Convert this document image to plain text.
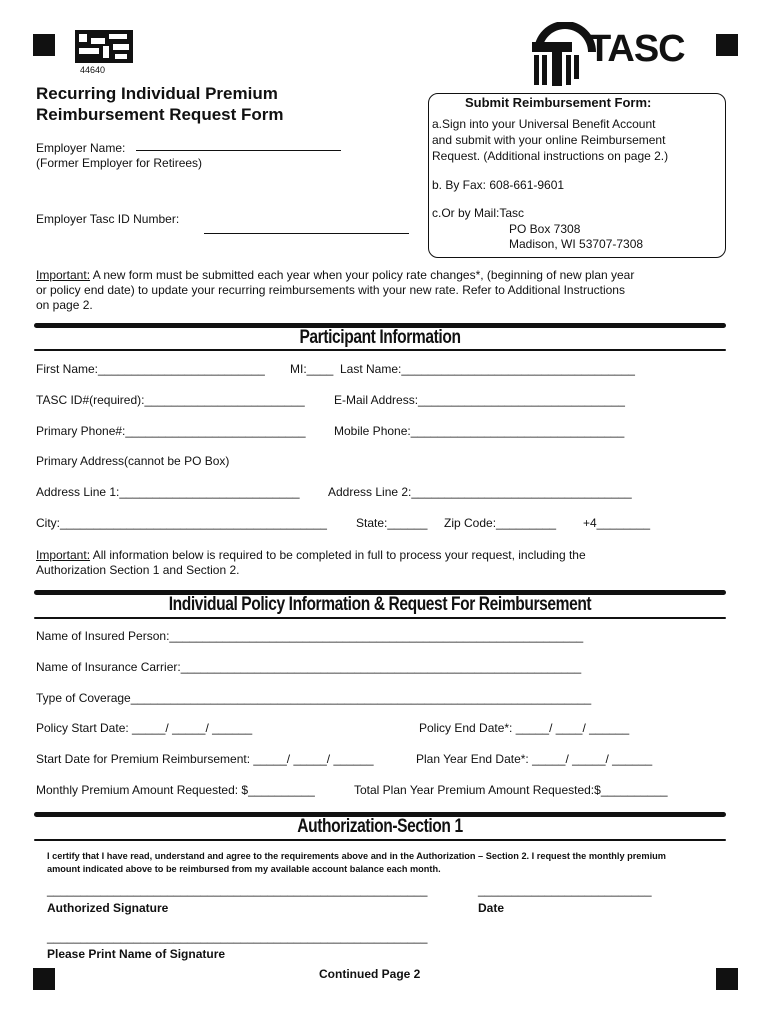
44640	TASC
Recurring Individual Premium
Reimbursement Request Form
Employer Name:
(Former Employer for Retirees)
Employer Tasc ID Number:
Submit Reimbursement Form:
a.Sign into your Universal Benefit Account
and submit with your online Reimbursement
Request. (Additional instructions on page 2.)
b. By Fax: 608-661-9601
c.Or by Mail:Tasc
PO Box 7308
Madison, WI 53707-7308
Important: A new form must be submitted each year when your policy rate changes*, (beginning of new plan year
or policy end date) to update your recurring reimbursements with your new rate. Refer to Additional Instructions
on page 2.
Participant Information
First Name:_________________________ MI:____ Last Name:___________________________________
TASC ID#(required):________________________ E-Mail Address:_______________________________
Primary Phone#:___________________________ Mobile Phone:________________________________
Primary Address(cannot be PO Box)
Address Line 1:___________________________ Address Line 2:_________________________________
City:________________________________________ State:______ Zip Code:_________ +4________
Important: All information below is required to be completed in full to process your request, including the
Authorization Section 1 and Section 2.
Individual Policy Information & Request For Reimbursement
Name of Insured Person:______________________________________________________________
Name of Insurance Carrier:____________________________________________________________
Type of Coverage_____________________________________________________________________
Policy Start Date: _____/ _____/ ______	Policy End Date*: _____/ ____/ ______
Start Date for Premium Reimbursement: _____/ _____/ ______	Plan Year End Date*: _____/ _____/ ______
Monthly Premium Amount Requested: $__________	Total Plan Year Premium Amount Requested:$__________
Authorization-Section 1
I certify that I have read, understand and agree to the requirements above and in the Authorization – Section 2. I request the monthly premium
amount indicated above to be reimbursed from my available account balance each month.
_________________________________________________________	__________________________
Authorized Signature	Date
_________________________________________________________
Please Print Name of Signature
Continued Page 2
